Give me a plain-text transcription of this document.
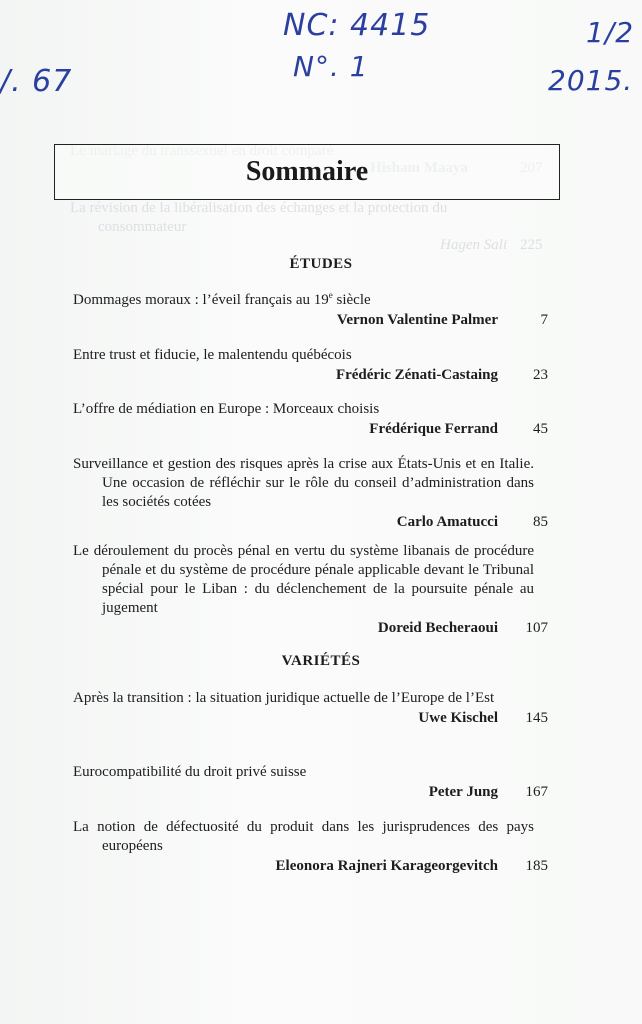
La révision de la libéralisation des échanges et la protection du
consommateur
Hagen Sali 225
NC: 4415
N°. 1
/. 67
1/2
2015.
Sommaire
ÉTUDES
Dommages moraux : l’éveil français au 19e siècle
Vernon Valentine Palmer	7
Entre trust et fiducie, le malentendu québécois
Frédéric Zénati-Castaing	23
L’offre de médiation en Europe : Morceaux choisis
Frédérique Ferrand	45
Surveillance et gestion des risques après la crise aux États-Unis et en Italie. Une occasion de réfléchir sur le rôle du conseil d’administration dans les sociétés cotées
Carlo Amatucci	85
Le déroulement du procès pénal en vertu du système libanais de procédure pénale et du système de procédure pénale applicable devant le Tribunal spécial pour le Liban : du déclenchement de la poursuite pénale au jugement
Doreid Becheraoui	107
VARIÉTÉS
Après la transition : la situation juridique actuelle de l’Europe de l’Est
Uwe Kischel	145
Eurocompatibilité du droit privé suisse
Peter Jung	167
La notion de défectuosité du produit dans les jurisprudences des pays européens
Eleonora Rajneri Karageorgevitch	185
